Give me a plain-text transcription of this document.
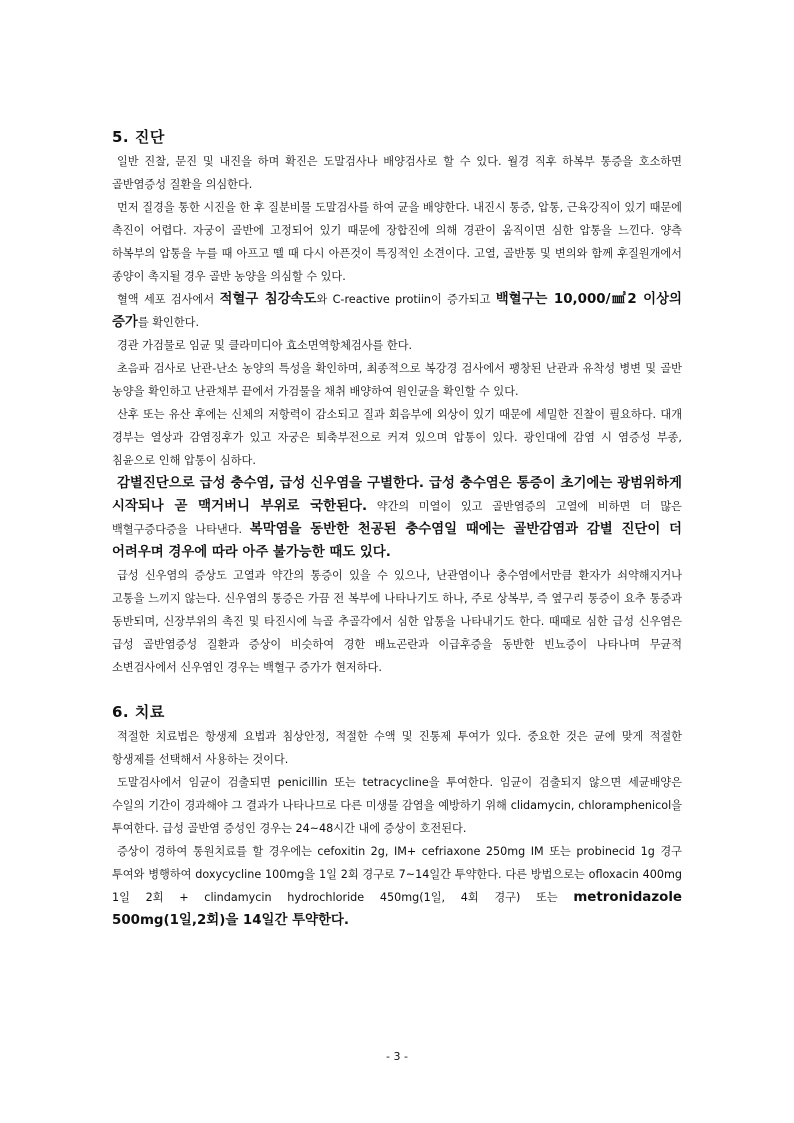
5. 진단

일반 진찰, 문진 및 내진을 하며 확진은 도말검사나 배양검사로 할 수 있다. 월경 직후 하복부 통증을 호소하면 골반염증성 질환을 의심한다.

먼저 질경을 통한 시진을 한 후 질분비물 도말검사를 하여 균을 배양한다. 내진시 통증, 압통, 근육강직이 있기 때문에 촉진이 어렵다. 자궁이 골반에 고정되어 있기 때문에 장합진에 의해 경관이 움직이면 심한 압통을 느낀다. 양측 하복부의 압통을 누를 때 아프고 뗄 때 다시 아픈것이 특징적인 소견이다. 고열, 골반통 및 변의와 함께 후질원개에서 종양이 촉지될 경우 골반 농양을 의심할 수 있다.

혈액 세포 검사에서 적혈구 침강속도와 C-reactive protiin이 증가되고 백혈구는 10,000/㎣2 이상의 증가를 확인한다.

경관 가검물로 임균 및 클라미디아 효소면역항체검사를 한다.

초음파 검사로 난관-난소 농양의 특성을 확인하며, 최종적으로 복강경 검사에서 팽창된 난관과 유착성 병변 및 골반 농양을 확인하고 난관채부 끝에서 가검물을 채취 배양하여 원인균을 확인할 수 있다.

산후 또는 유산 후에는 신체의 저항력이 감소되고 질과 회음부에 외상이 있기 때문에 세밀한 진찰이 필요하다. 대개 경부는 열상과 감염징후가 있고 자궁은 퇴축부전으로 커져 있으며 압통이 있다. 광인대에 감염 시 염증성 부종, 침윤으로 인해 압통이 심하다.

감별진단으로 급성 충수염, 급성 신우염을 구별한다. 급성 충수염은 통증이 초기에는 광범위하게 시작되나 곧 맥거버니 부위로 국한된다. 약간의 미열이 있고 골반염증의 고열에 비하면 더 많은 백혈구증다증을 나타낸다. 복막염을 동반한 천공된 충수염일 때에는 골반감염과 감별 진단이 더 어려우며 경우에 따라 아주 불가능한 때도 있다.

급성 신우염의 증상도 고열과 약간의 통증이 있을 수 있으나, 난관염이나 충수염에서만큼 환자가 쇠약해지거나 고통을 느끼지 않는다. 신우염의 통증은 가끔 전 복부에 나타나기도 하나, 주로 상복부, 즉 옆구리 통증이 요추 통증과 동반되며, 신장부위의 촉진 및 타진시에 늑골 추골각에서 심한 압통을 나타내기도 한다. 때때로 심한 급성 신우염은 급성 골반염증성 질환과 증상이 비슷하여 경한 배뇨곤란과 이급후증을 동반한 빈뇨증이 나타나며 무균적 소변검사에서 신우염인 경우는 백혈구 증가가 현저하다.

6. 치료

적절한 치료법은 항생제 요법과 침상안정, 적절한 수액 및 진통제 투여가 있다. 중요한 것은 균에 맞게 적절한 항생제를 선택해서 사용하는 것이다.

도말검사에서 임균이 검출되면 penicillin 또는 tetracycline을 투여한다. 임균이 검출되지 않으면 세균배양은 수일의 기간이 경과해야 그 결과가 나타나므로 다른 미생물 감염을 예방하기 위해 clidamycin, chloramphenicol을 투여한다. 급성 골반염 증성인 경우는 24~48시간 내에 증상이 호전된다.

증상이 경하여 통원치료를 할 경우에는 cefoxitin 2g, IM+ cefriaxone 250mg IM 또는 probinecid 1g 경구 투여와 병행하여 doxycycline 100mg을 1일 2회 경구로 7~14일간 투약한다. 다른 방법으로는 ofloxacin 400mg 1일 2회 + clindamycin hydrochloride 450mg(1일, 4회 경구) 또는 metronidazole 500mg(1일,2회)을 14일간 투약한다.

- 3 -
